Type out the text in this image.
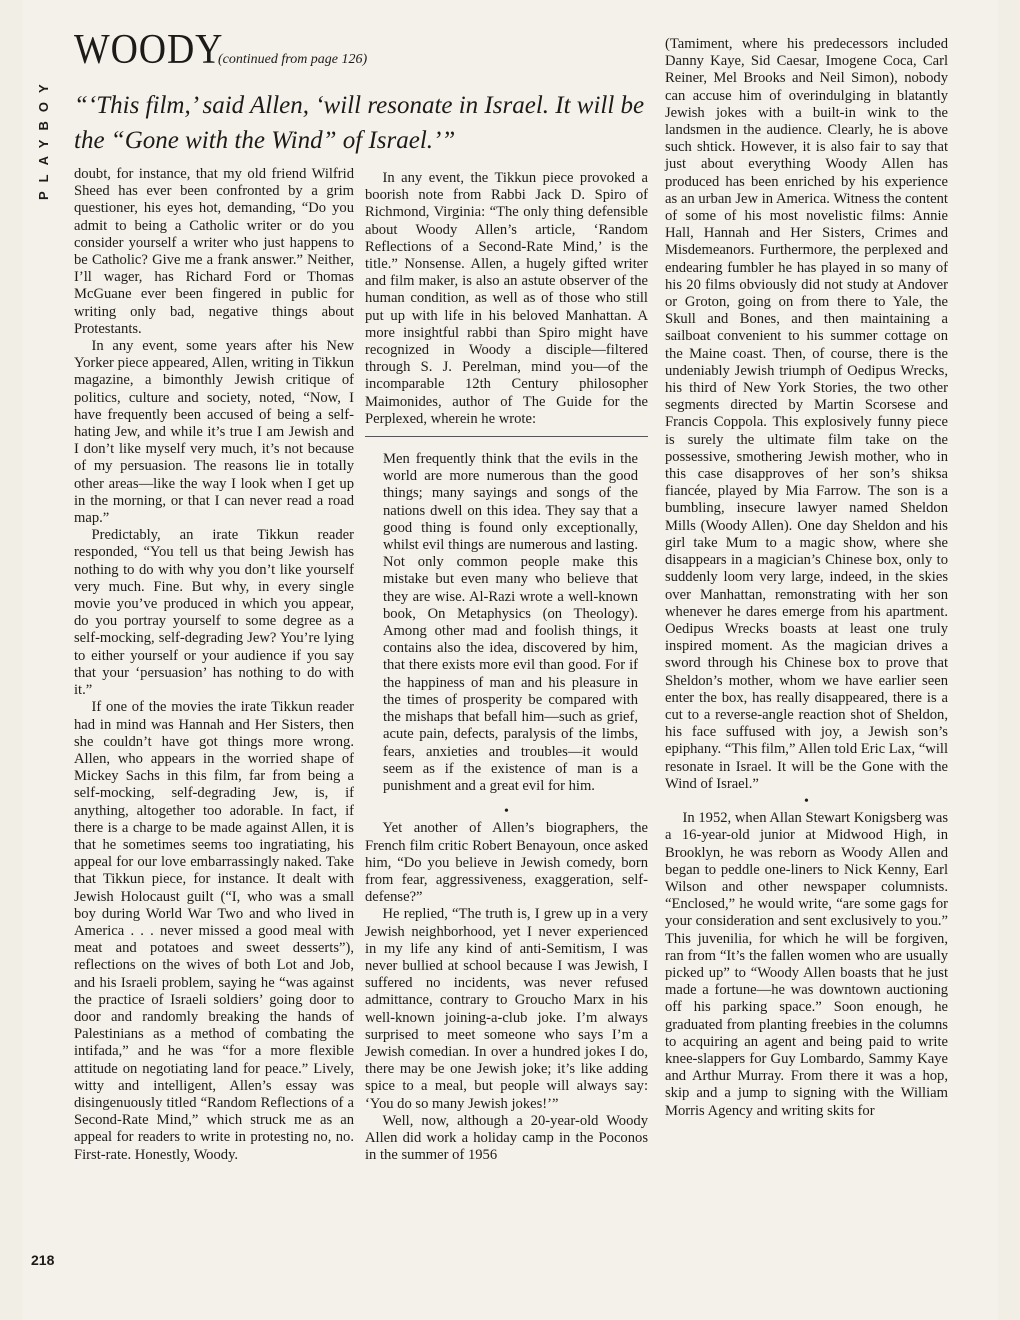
PLAYBOY
WOODY
(continued from page 126)
“‘This film,’ said Allen, ‘will resonate in Israel. It will be the “Gone with the Wind” of Israel.’”

doubt, for instance, that my old friend Wilfrid Sheed has ever been confronted by a grim questioner, his eyes hot, demanding, “Do you admit to being a Catholic writer or do you consider yourself a writer who just happens to be Catholic? Give me a frank answer.” Neither, I’ll wager, has Richard Ford or Thomas McGuane ever been fingered in public for writing only bad, negative things about Protestants.

In any event, some years after his New Yorker piece appeared, Allen, writing in Tikkun magazine, a bimonthly Jewish critique of politics, culture and society, noted, “Now, I have frequently been accused of being a self-hating Jew, and while it’s true I am Jewish and I don’t like myself very much, it’s not because of my persuasion. The reasons lie in totally other areas—like the way I look when I get up in the morning, or that I can never read a road map.”

Predictably, an irate Tikkun reader responded, “You tell us that being Jewish has nothing to do with why you don’t like yourself very much. Fine. But why, in every single movie you’ve produced in which you appear, do you portray yourself to some degree as a self-mocking, self-degrading Jew? You’re lying to either yourself or your audience if you say that your ‘persuasion’ has nothing to do with it.”

If one of the movies the irate Tikkun reader had in mind was Hannah and Her Sisters, then she couldn’t have got things more wrong. Allen, who appears in the worried shape of Mickey Sachs in this film, far from being a self-mocking, self-degrading Jew, is, if anything, altogether too adorable. In fact, if there is a charge to be made against Allen, it is that he sometimes seems too ingratiating, his appeal for our love embarrassingly naked. Take that Tikkun piece, for instance. It dealt with Jewish Holocaust guilt (“I, who was a small boy during World War Two and who lived in America . . . never missed a good meal with meat and potatoes and sweet desserts”), reflections on the wives of both Lot and Job, and his Israeli problem, saying he “was against the practice of Israeli soldiers’ going door to door and randomly breaking the hands of Palestinians as a method of combating the intifada,” and he was “for a more flexible attitude on negotiating land for peace.” Lively, witty and intelligent, Allen’s essay was disingenuously titled “Random Reflections of a Second-Rate Mind,” which struck me as an appeal for readers to write in protesting no, no. First-rate. Honestly, Woody.

In any event, the Tikkun piece provoked a boorish note from Rabbi Jack D. Spiro of Richmond, Virginia: “The only thing defensible about Woody Allen’s article, ‘Random Reflections of a Second-Rate Mind,’ is the title.” Nonsense. Allen, a hugely gifted writer and film maker, is also an astute observer of the human condition, as well as of those who still put up with life in his beloved Manhattan. A more insightful rabbi than Spiro might have recognized in Woody a disciple—filtered through S. J. Perelman, mind you—of the incomparable 12th Century philosopher Maimonides, author of The Guide for the Perplexed, wherein he wrote:

Men frequently think that the evils in the world are more numerous than the good things; many sayings and songs of the nations dwell on this idea. They say that a good thing is found only exceptionally, whilst evil things are numerous and lasting. Not only common people make this mistake but even many who believe that they are wise. Al-Razi wrote a well-known book, On Metaphysics (on Theology). Among other mad and foolish things, it contains also the idea, discovered by him, that there exists more evil than good. For if the happiness of man and his pleasure in the times of prosperity be compared with the mishaps that befall him—such as grief, acute pain, defects, paralysis of the limbs, fears, anxieties and troubles—it would seem as if the existence of man is a punishment and a great evil for him.

•

Yet another of Allen’s biographers, the French film critic Robert Benayoun, once asked him, “Do you believe in Jewish comedy, born from fear, aggressiveness, exaggeration, self-defense?”

He replied, “The truth is, I grew up in a very Jewish neighborhood, yet I never experienced in my life any kind of anti-Semitism, I was never bullied at school because I was Jewish, I suffered no incidents, was never refused admittance, contrary to Groucho Marx in his well-known joining-a-club joke. I’m always surprised to meet someone who says I’m a Jewish comedian. In over a hundred jokes I do, there may be one Jewish joke; it’s like adding spice to a meal, but people will always say: ‘You do so many Jewish jokes!’”

Well, now, although a 20-year-old Woody Allen did work a holiday camp in the Poconos in the summer of 1956

(Tamiment, where his predecessors included Danny Kaye, Sid Caesar, Imogene Coca, Carl Reiner, Mel Brooks and Neil Simon), nobody can accuse him of overindulging in blatantly Jewish jokes with a built-in wink to the landsmen in the audience. Clearly, he is above such shtick. However, it is also fair to say that just about everything Woody Allen has produced has been enriched by his experience as an urban Jew in America. Witness the content of some of his most novelistic films: Annie Hall, Hannah and Her Sisters, Crimes and Misdemeanors. Furthermore, the perplexed and endearing fumbler he has played in so many of his 20 films obviously did not study at Andover or Groton, going on from there to Yale, the Skull and Bones, and then maintaining a sailboat convenient to his summer cottage on the Maine coast. Then, of course, there is the undeniably Jewish triumph of Oedipus Wrecks, his third of New York Stories, the two other segments directed by Martin Scorsese and Francis Coppola. This explosively funny piece is surely the ultimate film take on the possessive, smothering Jewish mother, who in this case disapproves of her son’s shiksa fiancée, played by Mia Farrow. The son is a bumbling, insecure lawyer named Sheldon Mills (Woody Allen). One day Sheldon and his girl take Mum to a magic show, where she disappears in a magician’s Chinese box, only to suddenly loom very large, indeed, in the skies over Manhattan, remonstrating with her son whenever he dares emerge from his apartment. Oedipus Wrecks boasts at least one truly inspired moment. As the magician drives a sword through his Chinese box to prove that Sheldon’s mother, whom we have earlier seen enter the box, has really disappeared, there is a cut to a reverse-angle reaction shot of Sheldon, his face suffused with joy, a Jewish son’s epiphany. “This film,” Allen told Eric Lax, “will resonate in Israel. It will be the Gone with the Wind of Israel.”

•

In 1952, when Allan Stewart Konigsberg was a 16-year-old junior at Midwood High, in Brooklyn, he was reborn as Woody Allen and began to peddle one-liners to Nick Kenny, Earl Wilson and other newspaper columnists. “Enclosed,” he would write, “are some gags for your consideration and sent exclusively to you.” This juvenilia, for which he will be forgiven, ran from “It’s the fallen women who are usually picked up” to “Woody Allen boasts that he just made a fortune—he was downtown auctioning off his parking space.” Soon enough, he graduated from planting freebies in the columns to acquiring an agent and being paid to write knee-slappers for Guy Lombardo, Sammy Kaye and Arthur Murray. From there it was a hop, skip and a jump to signing with the William Morris Agency and writing skits for

218
